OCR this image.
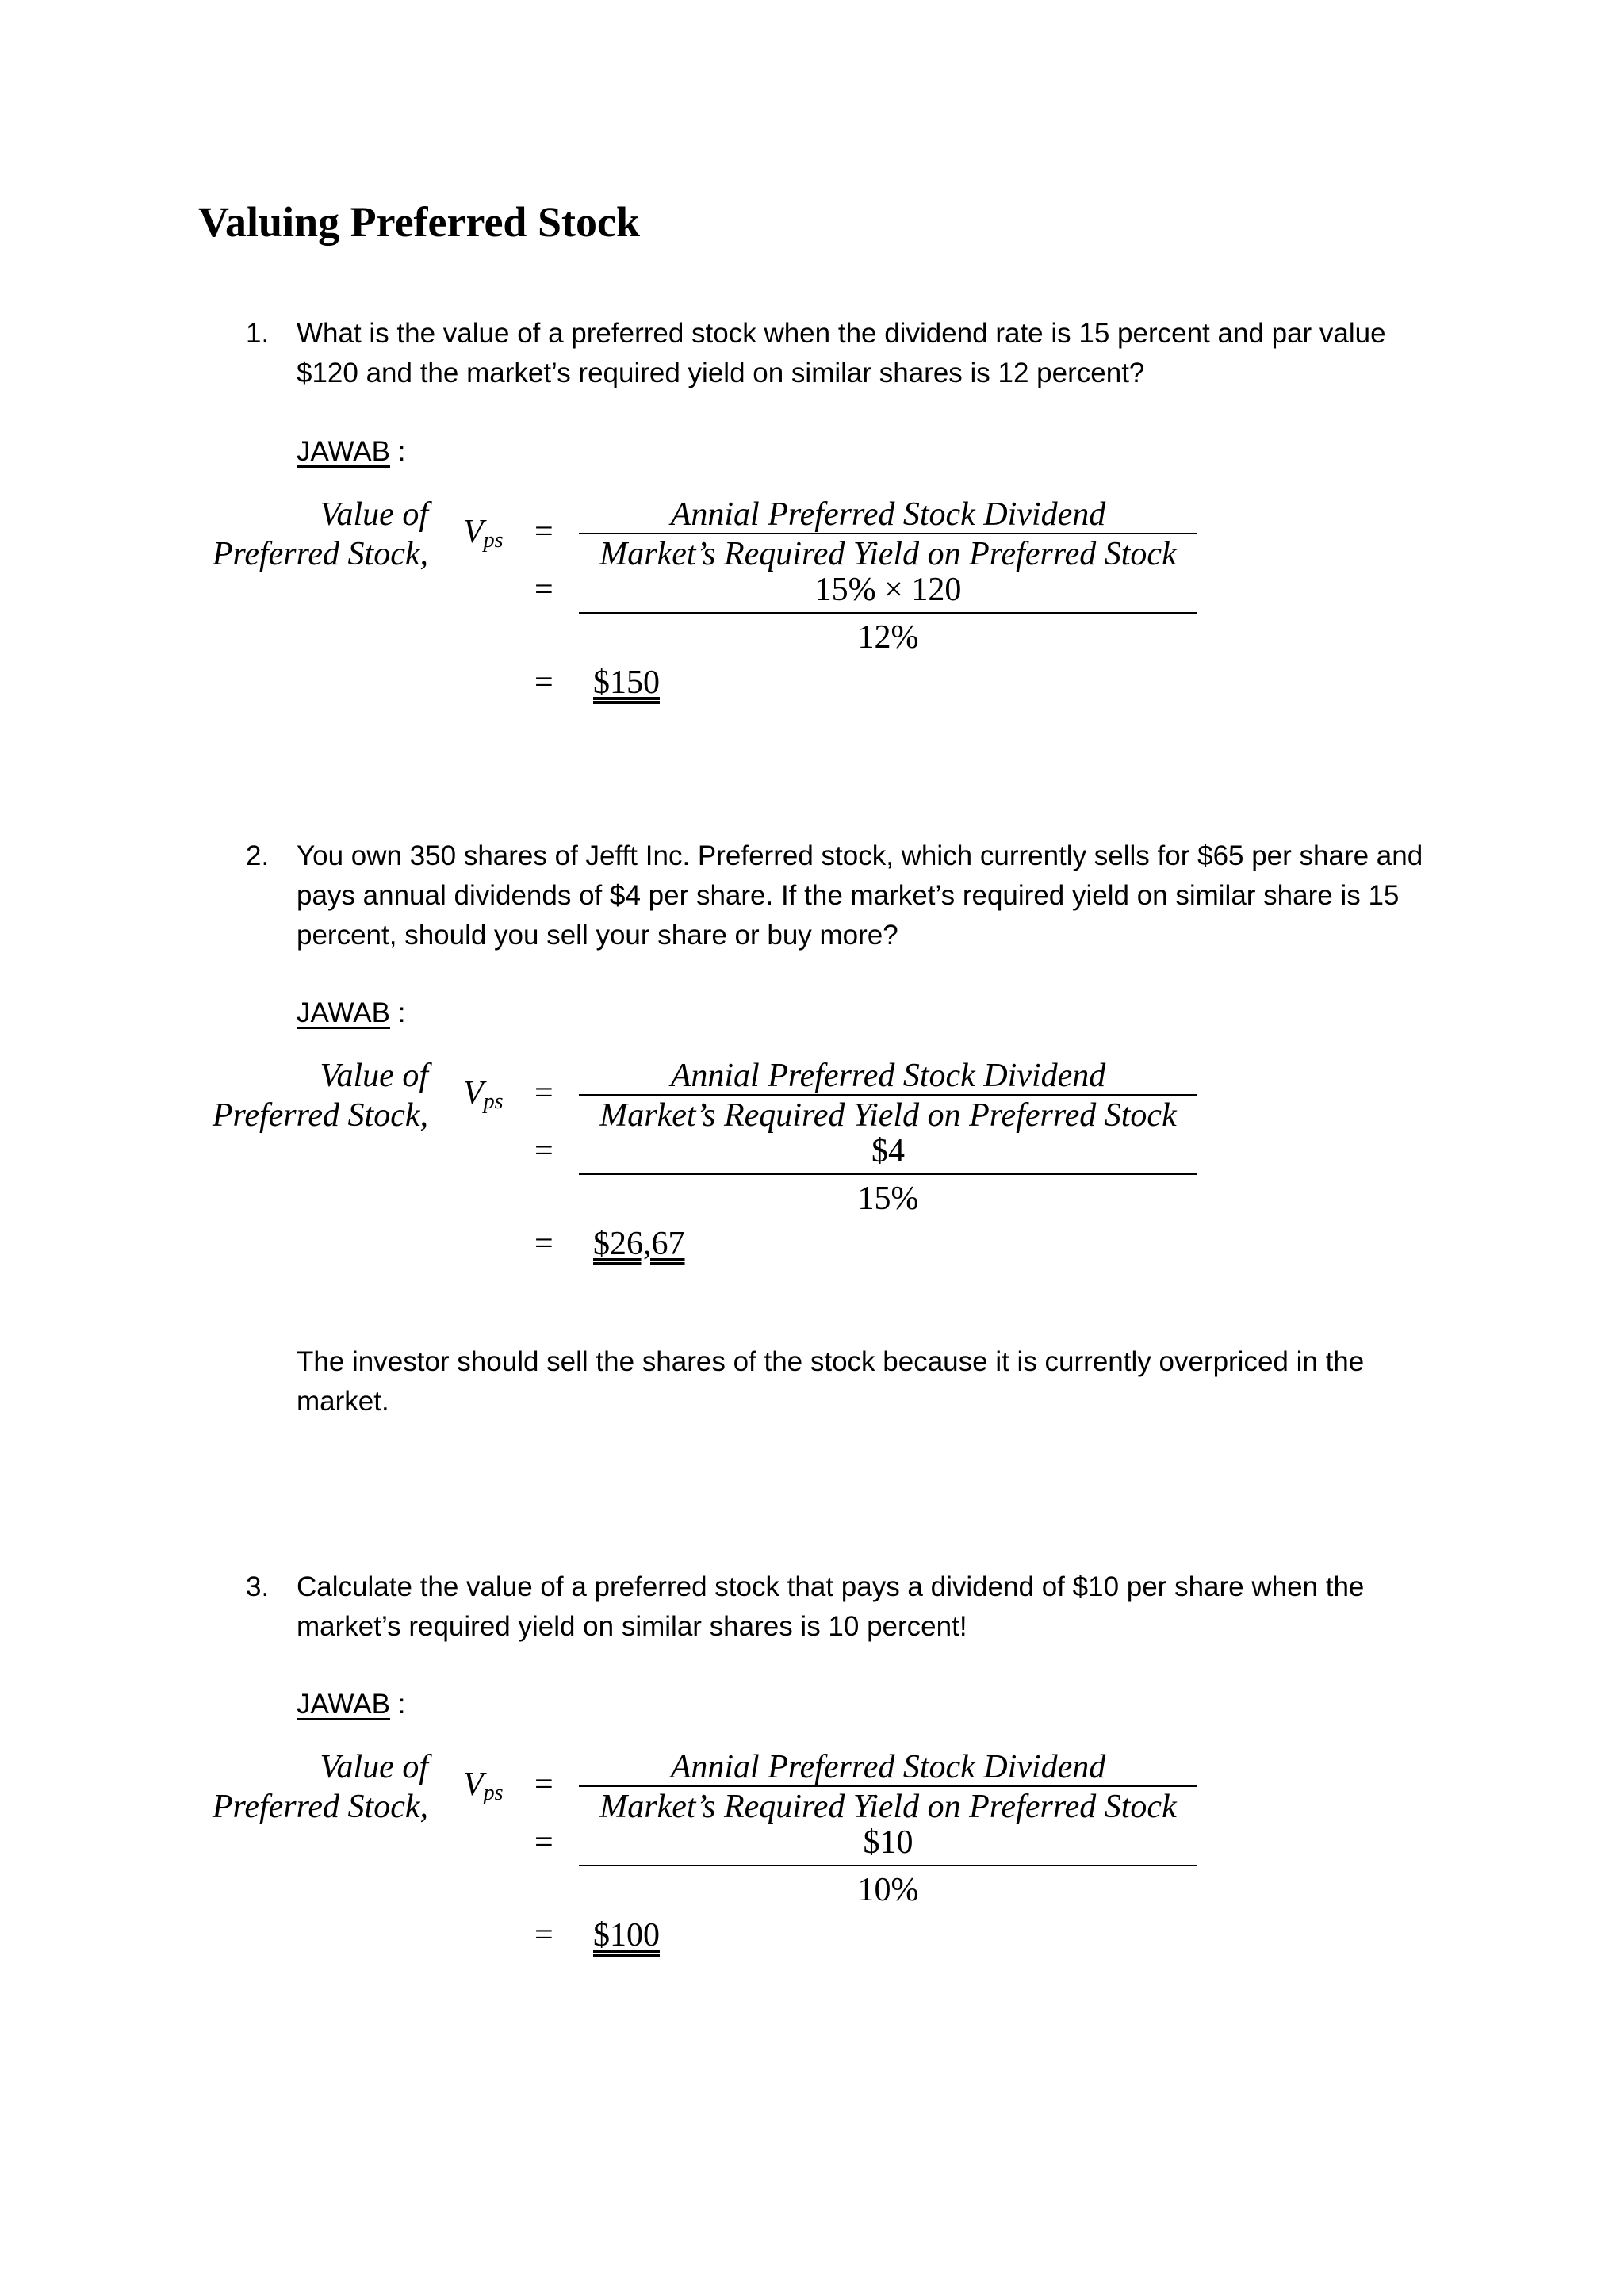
Valuing Preferred Stock
1. What is the value of a preferred stock when the dividend rate is 15 percent and par value $120 and the market’s required yield on similar shares is 12 percent?
JAWAB :
Value of
Preferred Stock,
$V_{ps}$ =	Annial Preferred Stock Dividend
Market’s Required Yield on Preferred Stock
=	15% × 120
12%
= $150
2. You own 350 shares of Jefft Inc. Preferred stock, which currently sells for $65 per share and pays annual dividends of $4 per share. If the market’s required yield on similar share is 15 percent, should you sell your share or buy more?
JAWAB :
Value of
Preferred Stock,
$V_{ps}$ =	Annial Preferred Stock Dividend
Market’s Required Yield on Preferred Stock
=	$4
15%
= $26,67
The investor should sell the shares of the stock because it is currently overpriced in the market.
3. Calculate the value of a preferred stock that pays a dividend of $10 per share when the market’s required yield on similar shares is 10 percent!
JAWAB :
Value of
Preferred Stock,
$V_{ps}$ =	Annial Preferred Stock Dividend
Market’s Required Yield on Preferred Stock
=	$10
10%
= $100
